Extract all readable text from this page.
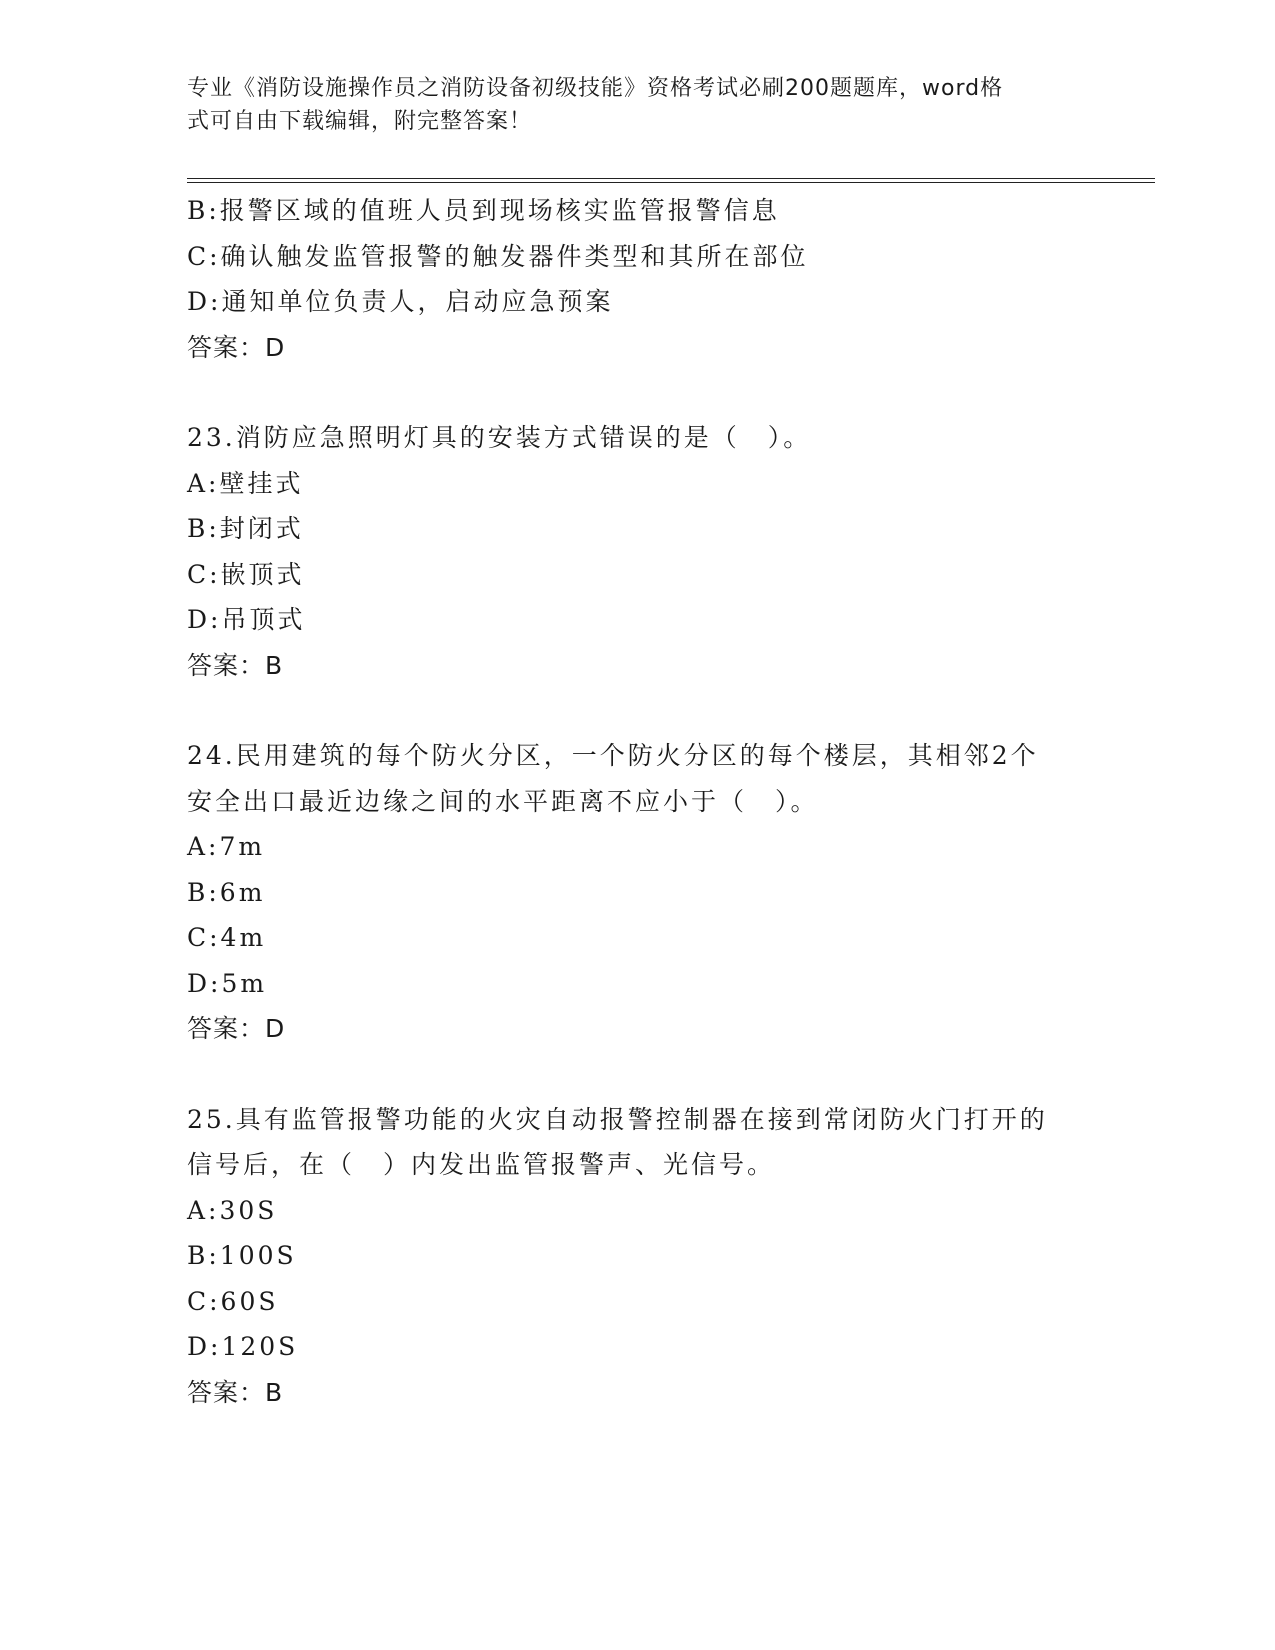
专业《消防设施操作员之消防设备初级技能》资格考试必刷200题题库，word格
式可自由下载编辑，附完整答案！
B:报警区域的值班人员到现场核实监管报警信息
C:确认触发监管报警的触发器件类型和其所在部位
D:通知单位负责人，启动应急预案
答案：D
23.消防应急照明灯具的安装方式错误的是（　）。
A:壁挂式
B:封闭式
C:嵌顶式
D:吊顶式
答案：B
24.民用建筑的每个防火分区，一个防火分区的每个楼层，其相邻2个
安全出口最近边缘之间的水平距离不应小于（　）。
A:7m
B:6m
C:4m
D:5m
答案：D
25.具有监管报警功能的火灾自动报警控制器在接到常闭防火门打开的
信号后，在（　）内发出监管报警声、光信号。
A:30S
B:100S
C:60S
D:120S
答案：B
